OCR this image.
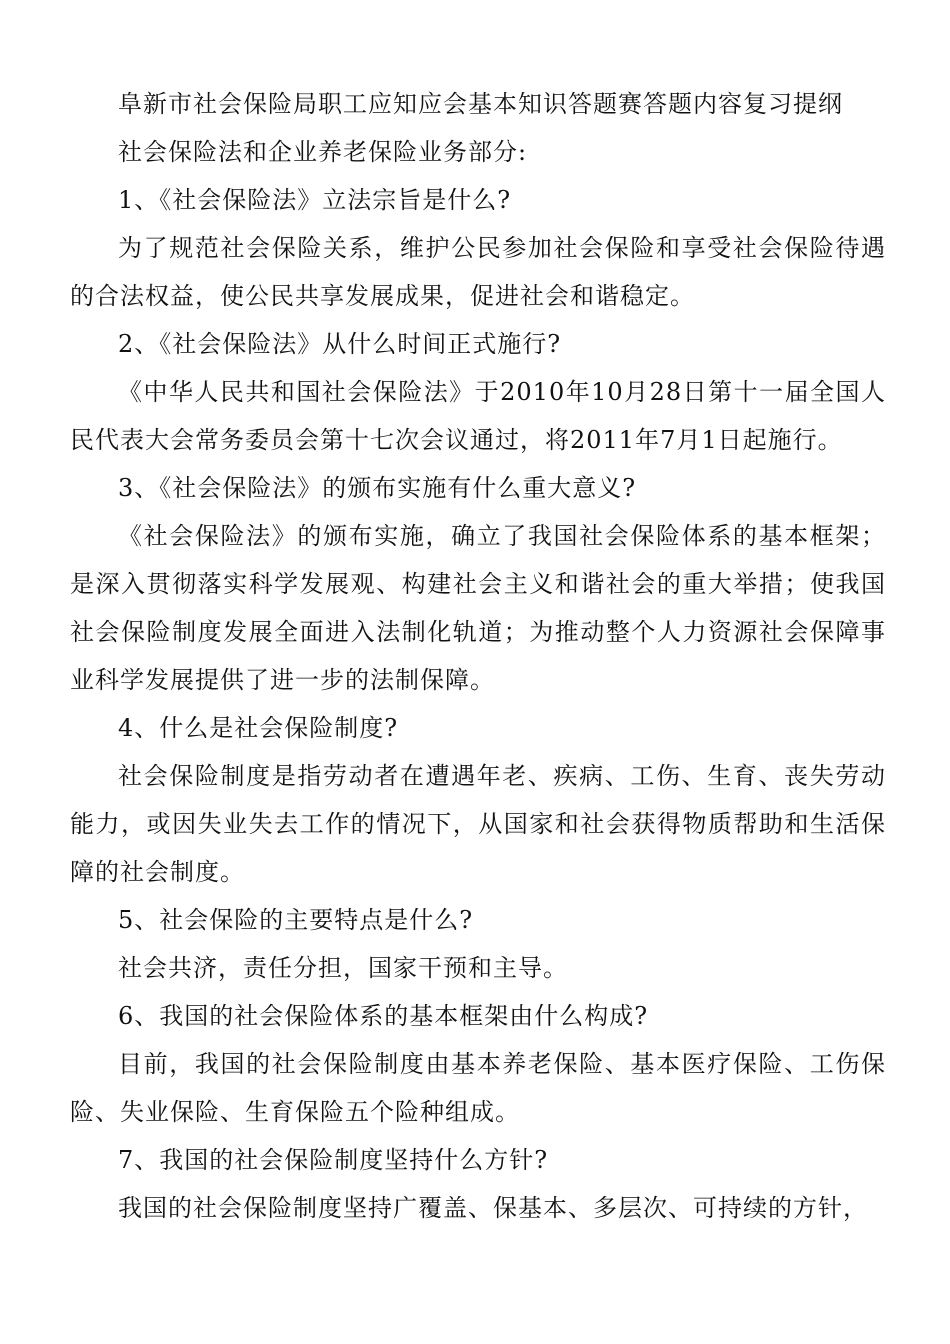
阜新市社会保险局职工应知应会基本知识答题赛答题内容复习提纲

社会保险法和企业养老保险业务部分:

1、《社会保险法》立法宗旨是什么?

为了规范社会保险关系，维护公民参加社会保险和享受社会保险待遇的合法权益，使公民共享发展成果，促进社会和谐稳定。

2、《社会保险法》从什么时间正式施行?

《中华人民共和国社会保险法》于2010年10月28日第十一届全国人民代表大会常务委员会第十七次会议通过，将2011年7月1日起施行。

3、《社会保险法》的颁布实施有什么重大意义?

《社会保险法》的颁布实施，确立了我国社会保险体系的基本框架；是深入贯彻落实科学发展观、构建社会主义和谐社会的重大举措；使我国社会保险制度发展全面进入法制化轨道；为推动整个人力资源社会保障事业科学发展提供了进一步的法制保障。

4、什么是社会保险制度?

社会保险制度是指劳动者在遭遇年老、疾病、工伤、生育、丧失劳动能力，或因失业失去工作的情况下，从国家和社会获得物质帮助和生活保障的社会制度。

5、社会保险的主要特点是什么?

社会共济，责任分担，国家干预和主导。

6、我国的社会保险体系的基本框架由什么构成?

目前，我国的社会保险制度由基本养老保险、基本医疗保险、工伤保险、失业保险、生育保险五个险种组成。

7、我国的社会保险制度坚持什么方针?

我国的社会保险制度坚持广覆盖、保基本、多层次、可持续的方针，
